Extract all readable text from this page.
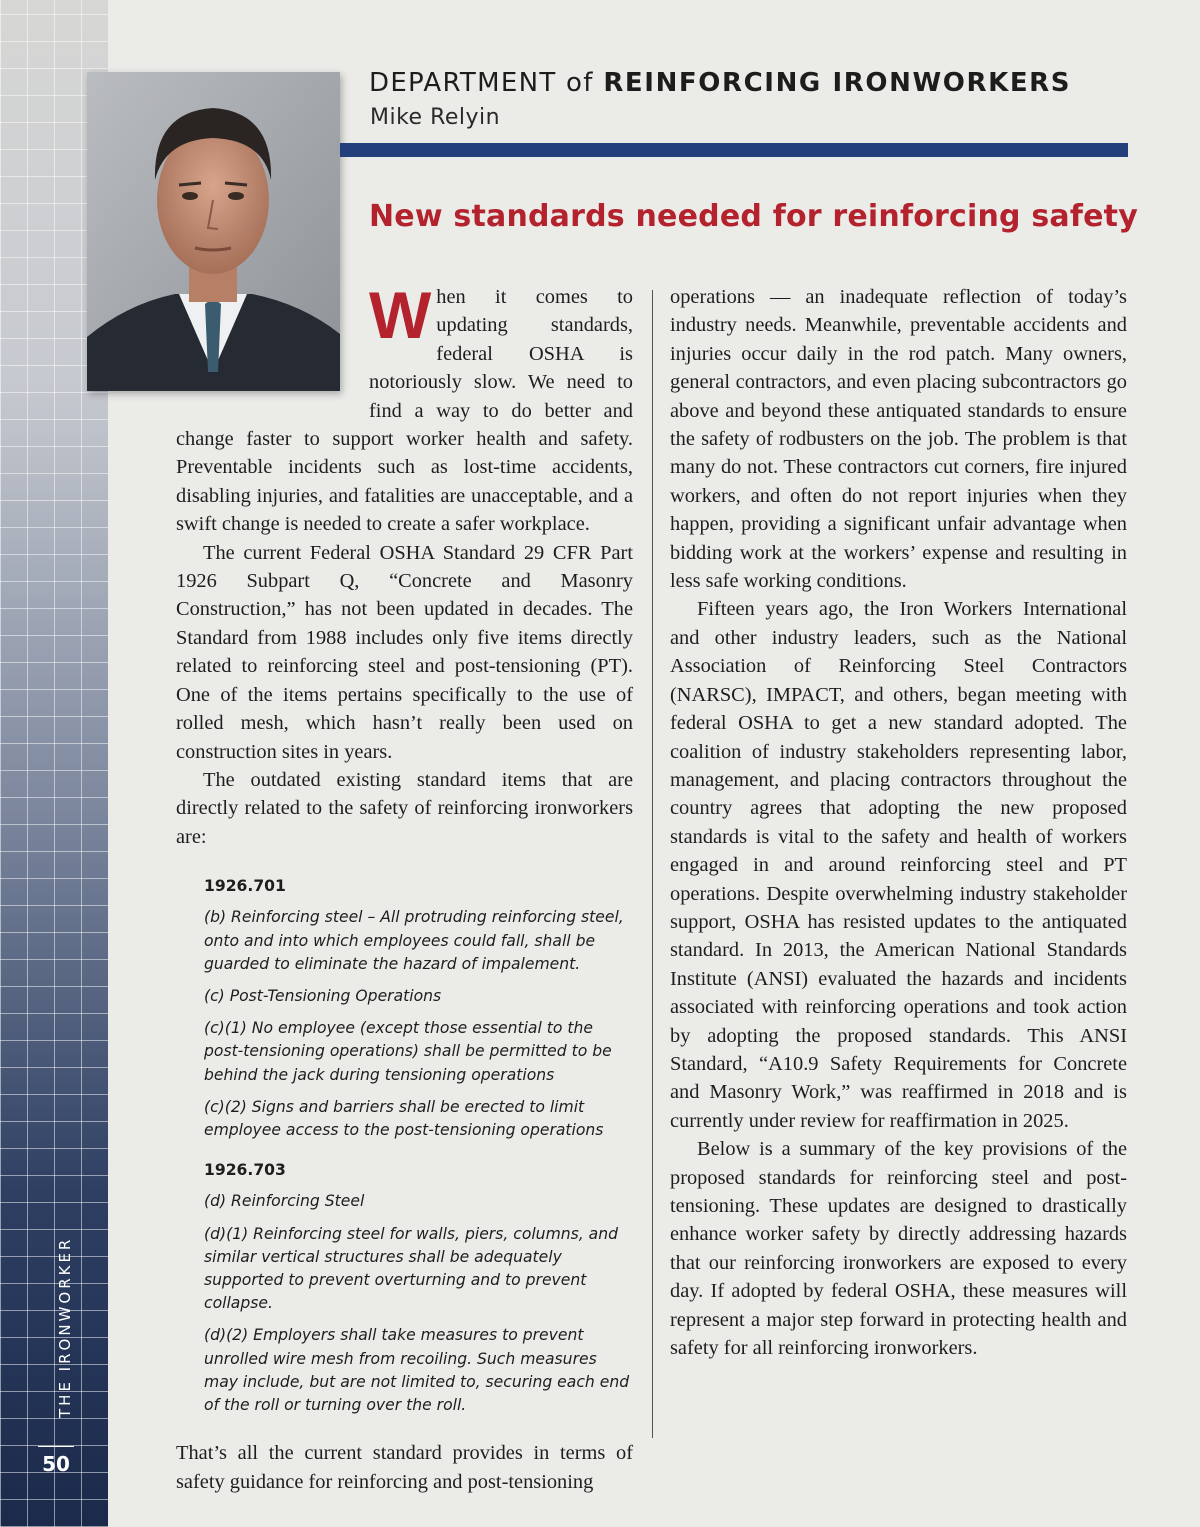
THE IRONWORKER
50
DEPARTMENT of REINFORCING IRONWORKERS
Mike Relyin
New standards needed for reinforcing safety

When it comes to updating standards, federal OSHA is notoriously slow. We need to find a way to do better and change faster to support worker health and safety. Preventable incidents such as lost-time accidents, disabling injuries, and fatalities are unacceptable, and a swift change is needed to create a safer workplace.

The current Federal OSHA Standard 29 CFR Part 1926 Subpart Q, “Concrete and Masonry Construction,” has not been updated in decades. The Standard from 1988 includes only five items directly related to reinforcing steel and post-tensioning (PT). One of the items pertains specifically to the use of rolled mesh, which hasn’t really been used on construction sites in years.

The outdated existing standard items that are directly related to the safety of reinforcing ironworkers are:

1926.701
(b) Reinforcing steel – All protruding reinforcing steel, onto and into which employees could fall, shall be guarded to eliminate the hazard of impalement.
(c) Post-Tensioning Operations
(c)(1) No employee (except those essential to the post-tensioning operations) shall be permitted to be behind the jack during tensioning operations
(c)(2) Signs and barriers shall be erected to limit employee access to the post-tensioning operations
1926.703
(d) Reinforcing Steel
(d)(1) Reinforcing steel for walls, piers, columns, and similar vertical structures shall be adequately supported to prevent overturning and to prevent collapse.
(d)(2) Employers shall take measures to prevent unrolled wire mesh from recoiling. Such measures may include, but are not limited to, securing each end of the roll or turning over the roll.

That’s all the current standard provides in terms of safety guidance for reinforcing and post-tensioning

operations — an inadequate reflection of today’s industry needs. Meanwhile, preventable accidents and injuries occur daily in the rod patch. Many owners, general contractors, and even placing subcontractors go above and beyond these antiquated standards to ensure the safety of rodbusters on the job. The problem is that many do not. These contractors cut corners, fire injured workers, and often do not report injuries when they happen, providing a significant unfair advantage when bidding work at the workers’ expense and resulting in less safe working conditions.

Fifteen years ago, the Iron Workers International and other industry leaders, such as the National Association of Reinforcing Steel Contractors (NARSC), IMPACT, and others, began meeting with federal OSHA to get a new standard adopted. The coalition of industry stakeholders representing labor, management, and placing contractors throughout the country agrees that adopting the new proposed standards is vital to the safety and health of workers engaged in and around reinforcing steel and PT operations. Despite overwhelming industry stakeholder support, OSHA has resisted updates to the antiquated standard. In 2013, the American National Standards Institute (ANSI) evaluated the hazards and incidents associated with reinforcing operations and took action by adopting the proposed standards. This ANSI Standard, “A10.9 Safety Requirements for Concrete and Masonry Work,” was reaffirmed in 2018 and is currently under review for reaffirmation in 2025.

Below is a summary of the key provisions of the proposed standards for reinforcing steel and post-tensioning. These updates are designed to drastically enhance worker safety by directly addressing hazards that our reinforcing ironworkers are exposed to every day. If adopted by federal OSHA, these measures will represent a major step forward in protecting health and safety for all reinforcing ironworkers.
